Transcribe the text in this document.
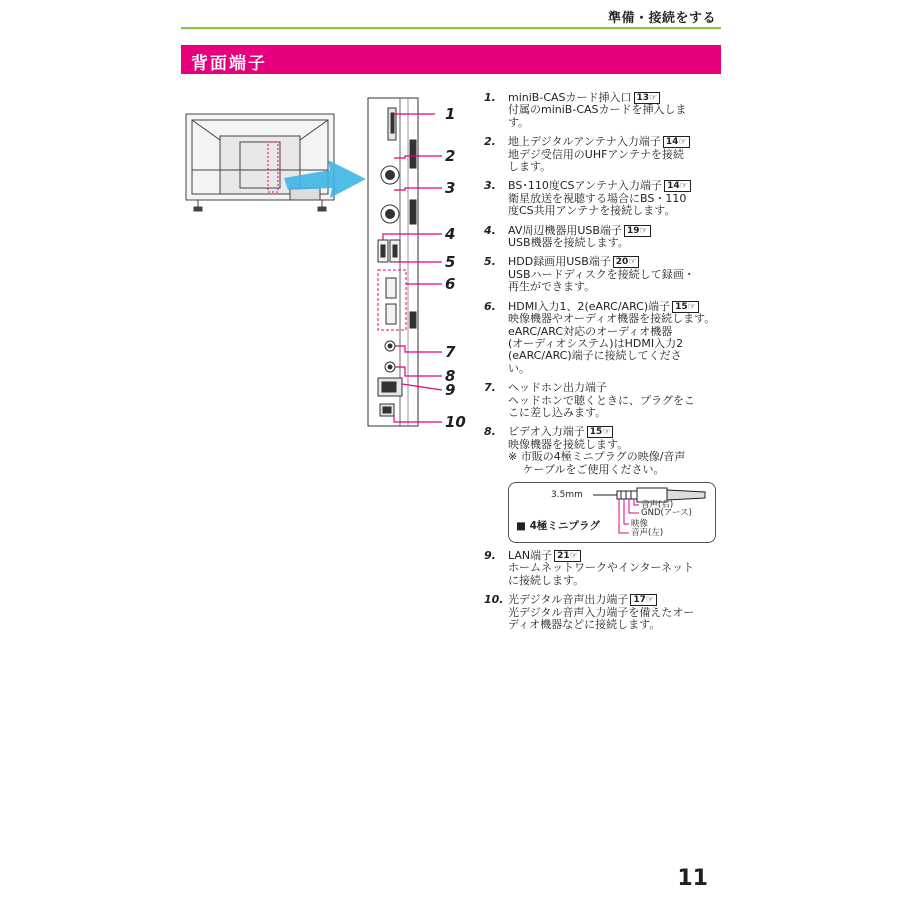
準備・接続をする
背面端子
1
2
3
4
5
6
7
8
9
10
1. miniB-CASカード挿入口 13☞
付属のminiB-CASカードを挿入しま
す。
2. 地上デジタルアンテナ入力端子 14☞
地デジ受信用のUHFアンテナを接続
します。
3. BS･110度CSアンテナ入力端子 14☞
衛星放送を視聴する場合にBS・110
度CS共用アンテナを接続します。
4. AV周辺機器用USB端子 19☞
USB機器を接続します。
5. HDD録画用USB端子 20☞
USBハードディスクを接続して録画・
再生ができます。
6. HDMI入力1、2(eARC/ARC)端子 15☞
映像機器やオーディオ機器を接続します。
eARC/ARC対応のオーディオ機器
(オーディオシステム)はHDMI入力2
(eARC/ARC)端子に接続してくださ
い。
7. ヘッドホン出力端子
ヘッドホンで聴くときに、プラグをこ
こに差し込みます。
8. ビデオ入力端子 15☞
映像機器を接続します。
※ 市販の4極ミニプラグの映像/音声
　 ケーブルをご使用ください。
3.5mm
音声(右)
GND(アース)
映像
音声(左)
■ 4極ミニプラグ
9. LAN端子 21☞
ホームネットワークやインターネット
に接続します。
10. 光デジタル音声出力端子 17☞
光デジタル音声入力端子を備えたオー
ディオ機器などに接続します。
11
